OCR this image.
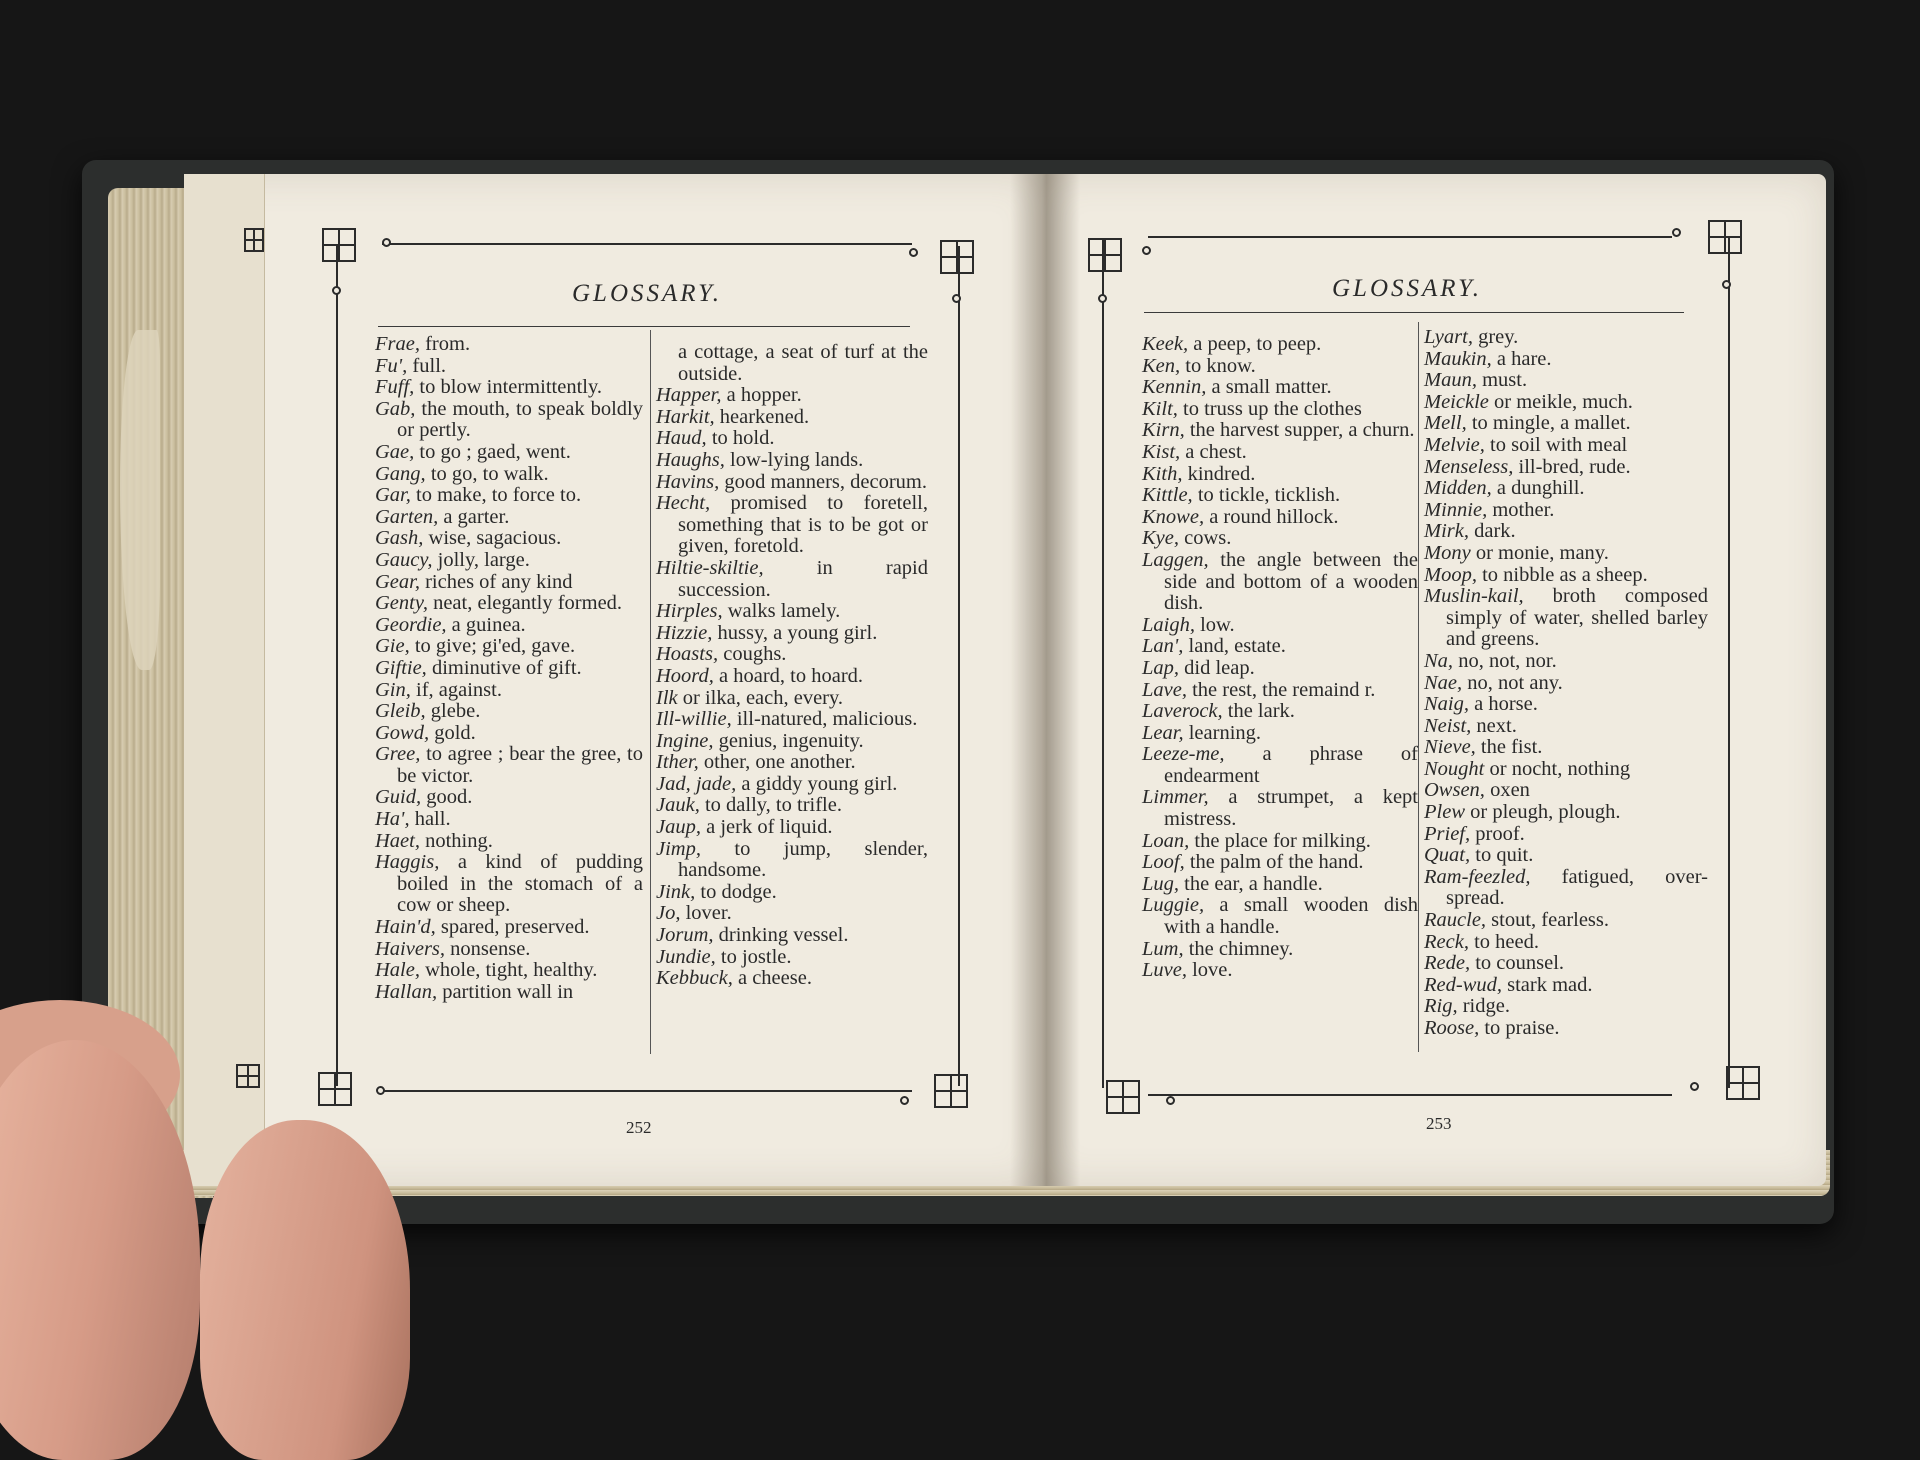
GLOSSARY.

Frae, from.

Fu', full.

Fuff, to blow intermittently.

Gab, the mouth, to speak boldly or pertly.

Gae, to go ; gaed, went.

Gang, to go, to walk.

Gar, to make, to force to.

Garten, a garter.

Gash, wise, sagacious.

Gaucy, jolly, large.

Gear, riches of any kind

Genty, neat, elegantly formed.

Geordie, a guinea.

Gie, to give; gi'ed, gave.

Giftie, diminutive of gift.

Gin, if, against.

Gleib, glebe.

Gowd, gold.

Gree, to agree ; bear the gree, to be victor.

Guid, good.

Ha', hall.

Haet, nothing.

Haggis, a kind of pudding boiled in the stomach of a cow or sheep.

Hain'd, spared, preserved.

Haivers, nonsense.

Hale, whole, tight, healthy.

Hallan, partition wall in

a cottage, a seat of turf at the outside.

Happer, a hopper.

Harkit, hearkened.

Haud, to hold.

Haughs, low-lying lands.

Havins, good manners, decorum.

Hecht, promised to foretell, something that is to be got or given, foretold.

Hiltie-skiltie, in rapid succession.

Hirples, walks lamely.

Hizzie, hussy, a young girl.

Hoasts, coughs.

Hoord, a hoard, to hoard.

Ilk or ilka, each, every.

Ill-willie, ill-natured, malicious.

Ingine, genius, ingenuity.

Ither, other, one another.

Jad, jade, a giddy young girl.

Jauk, to dally, to trifle.

Jaup, a jerk of liquid.

Jimp, to jump, slender, handsome.

Jink, to dodge.

Jo, lover.

Jorum, drinking vessel.

Jundie, to jostle.

Kebbuck, a cheese.

252
GLOSSARY.

Keek, a peep, to peep.

Ken, to know.

Kennin, a small matter.

Kilt, to truss up the clothes

Kirn, the harvest supper, a churn.

Kist, a chest.

Kith, kindred.

Kittle, to tickle, ticklish.

Knowe, a round hillock.

Kye, cows.

Laggen, the angle between the side and bottom of a wooden dish.

Laigh, low.

Lan', land, estate.

Lap, did leap.

Lave, the rest, the remaind r.

Laverock, the lark.

Lear, learning.

Leeze-me, a phrase of endearment

Limmer, a strumpet, a kept mistress.

Loan, the place for milking.

Loof, the palm of the hand.

Lug, the ear, a handle.

Luggie, a small wooden dish with a handle.

Lum, the chimney.

Luve, love.

Lyart, grey.

Maukin, a hare.

Maun, must.

Meickle or meikle, much.

Mell, to mingle, a mallet.

Melvie, to soil with meal

Menseless, ill-bred, rude.

Midden, a dunghill.

Minnie, mother.

Mirk, dark.

Mony or monie, many.

Moop, to nibble as a sheep.

Muslin-kail, broth composed simply of water, shelled barley and greens.

Na, no, not, nor.

Nae, no, not any.

Naig, a horse.

Neist, next.

Nieve, the fist.

Nought or nocht, nothing

Owsen, oxen

Plew or pleugh, plough.

Prief, proof.

Quat, to quit.

Ram-feezled, fatigued, over-spread.

Raucle, stout, fearless.

Reck, to heed.

Rede, to counsel.

Red-wud, stark mad.

Rig, ridge.

Roose, to praise.

253
